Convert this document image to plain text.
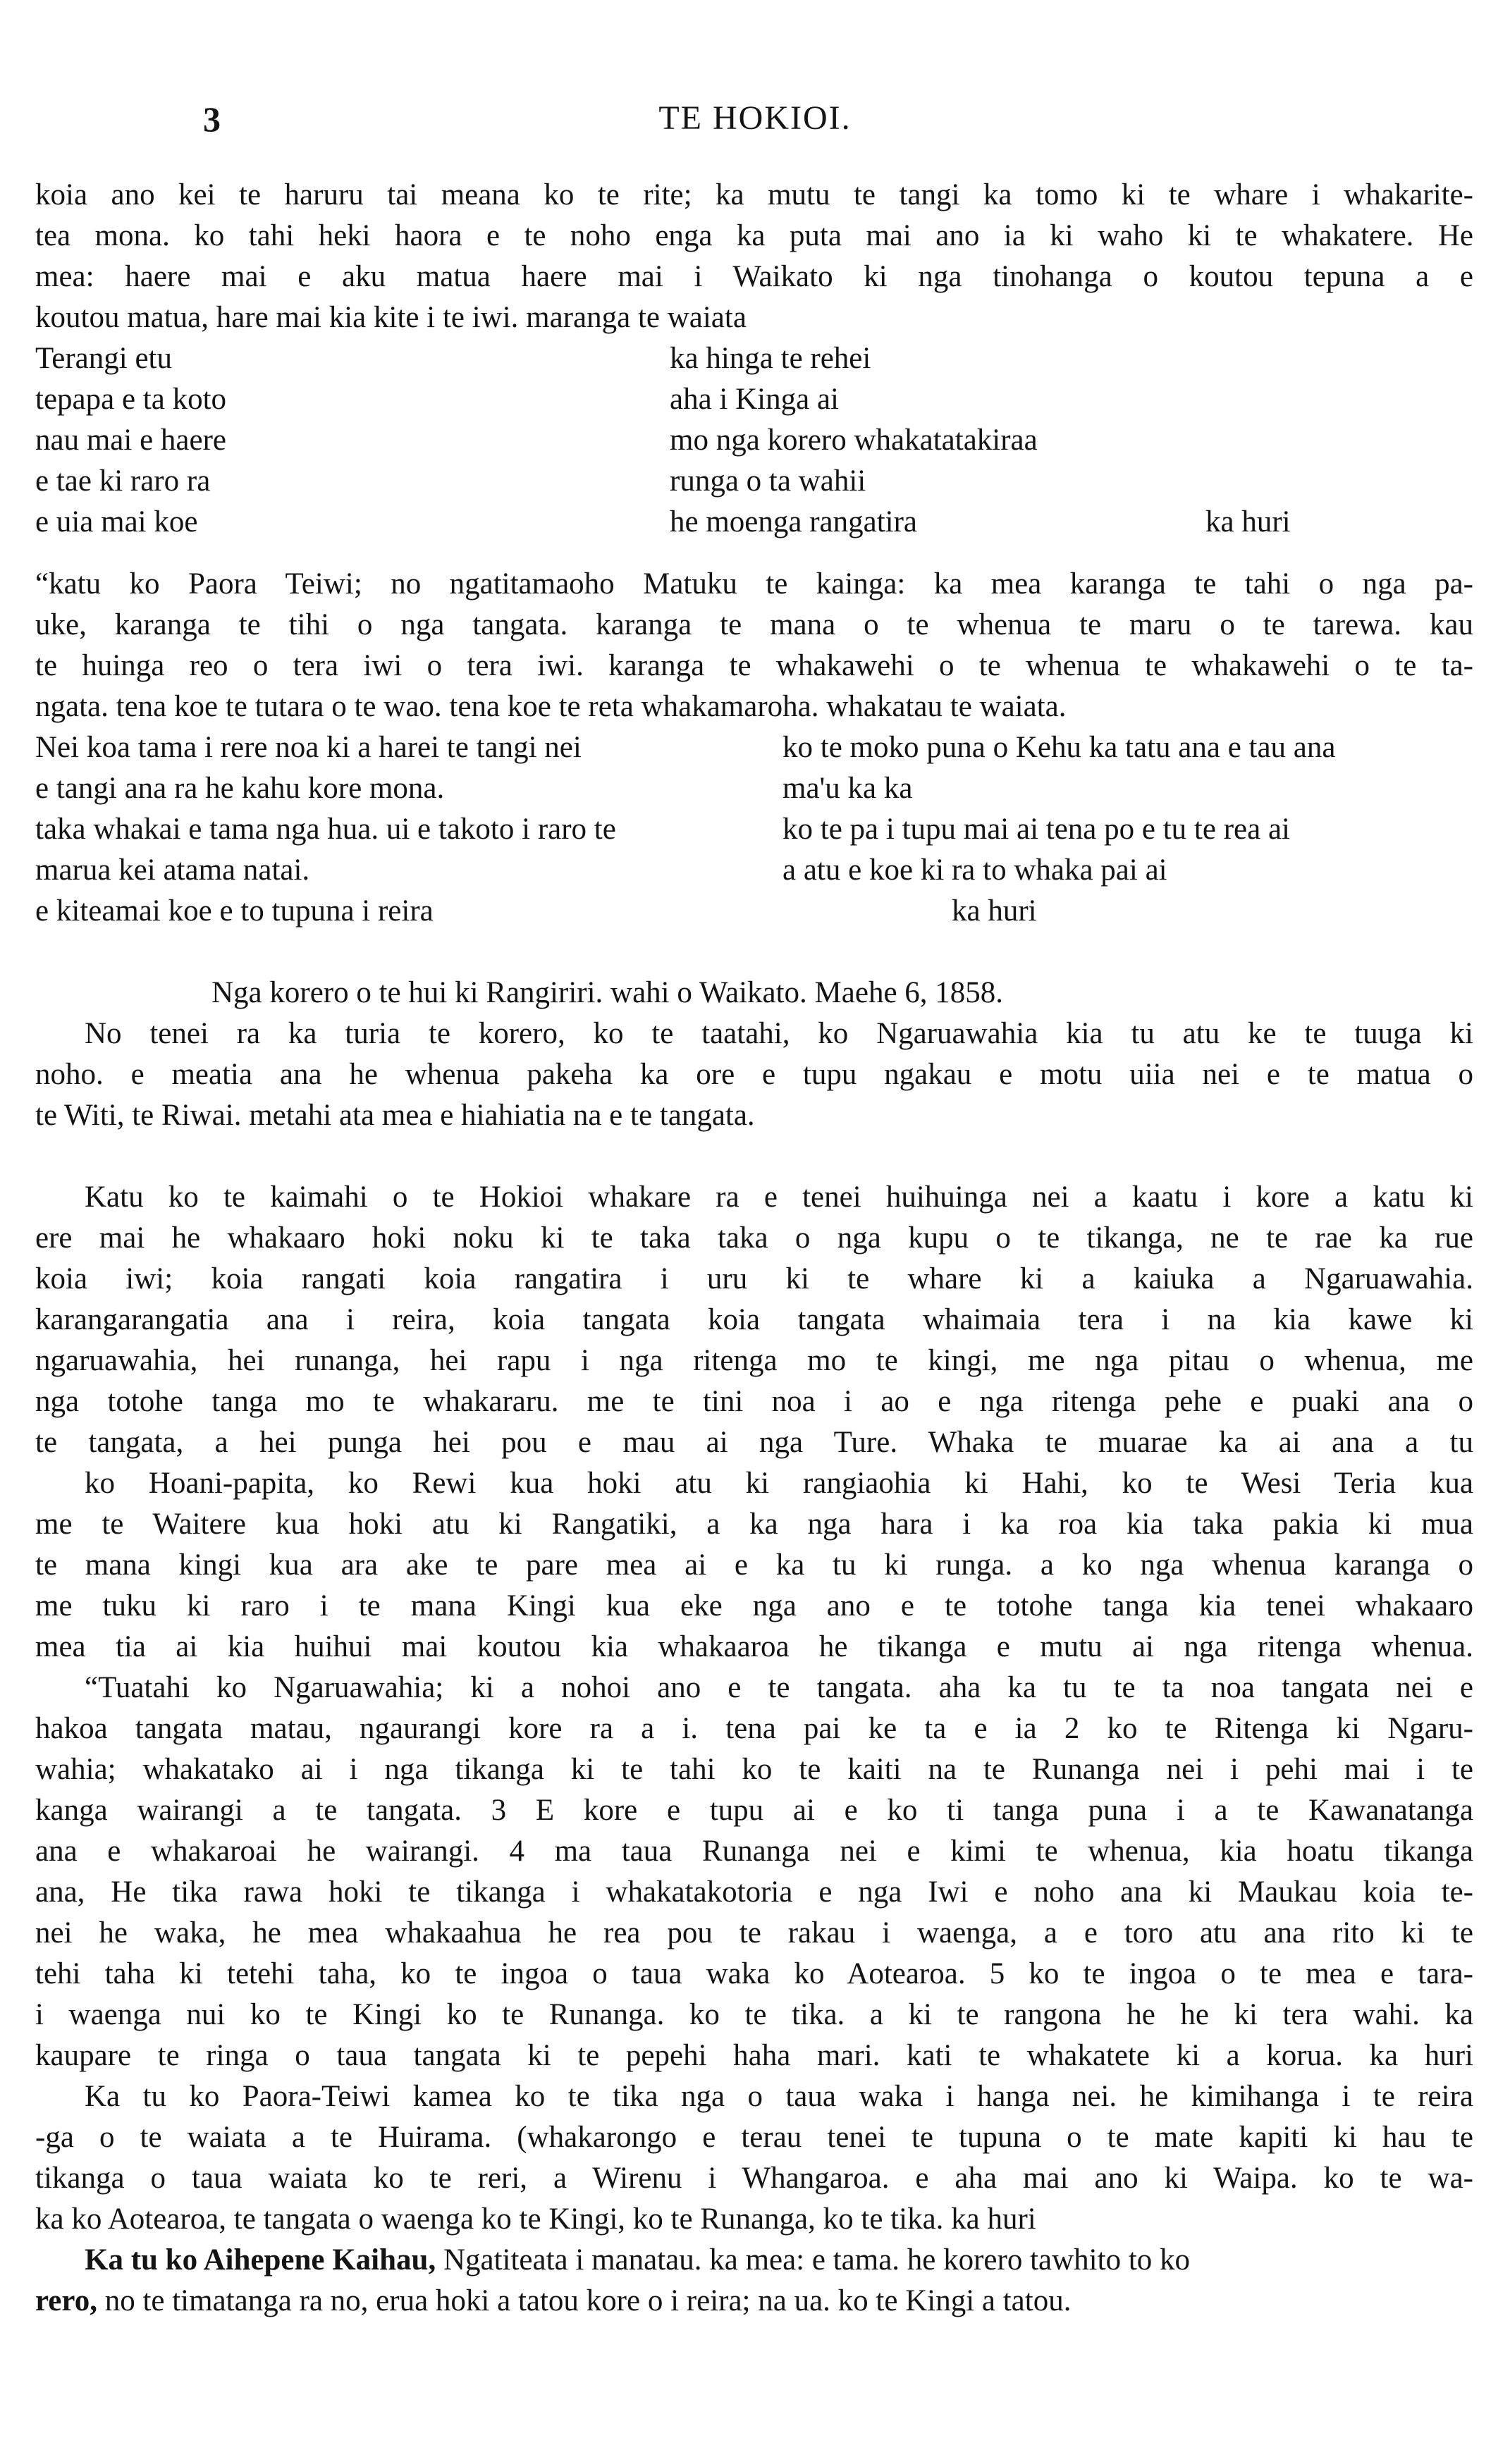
3	TE HOKIOI.
koia ano kei te haruru tai meana ko te rite; ka mutu te tangi ka tomo ki te whare i whakarite-
tea mona. ko tahi heki haora e te noho enga ka puta mai ano ia ki waho ki te whakatere. He
mea: haere mai e aku matua haere mai i Waikato ki nga tinohanga o koutou tepuna a e
koutou matua, hare mai kia kite i te iwi. maranga te waiata
Terangi etu	ka hinga te rehei
tepapa e ta koto	aha i Kinga ai
nau mai e haere	mo nga korero whakatatakiraa
e tae ki raro ra	runga o ta wahii
e uia mai koe	he moenga rangatira	ka huri
“katu ko Paora Teiwi; no ngatitamaoho Matuku te kainga: ka mea karanga te tahi o nga pa-
uke, karanga te tihi o nga tangata. karanga te mana o te whenua te maru o te tarewa. kau
te huinga reo o tera iwi o tera iwi. karanga te whakawehi o te whenua te whakawehi o te ta-
ngata. tena koe te tutara o te wao. tena koe te reta whakamaroha. whakatau te waiata.
Nei koa tama i rere noa ki a harei te tangi nei	ko te moko puna o Kehu ka tatu ana e tau ana
e tangi ana ra he kahu kore mona.	ma'u ka ka
taka whakai e tama nga hua. ui e takoto i raro te	ko te pa i tupu mai ai tena po e tu te rea ai
marua kei atama natai.	a atu e koe ki ra to whaka pai ai
e kiteamai koe e to tupuna i reira	ka huri
Nga korero o te hui ki Rangiriri. wahi o Waikato. Maehe 6, 1858.
No tenei ra ka turia te korero, ko te taatahi, ko Ngaruawahia kia tu atu ke te tuuga ki
noho. e meatia ana he whenua pakeha ka ore e tupu ngakau e motu uiia nei e te matua o
te Witi, te Riwai. metahi ata mea e hiahiatia na e te tangata.
Katu ko te kaimahi o te Hokioi whakare ra e tenei huihuinga nei a kaatu i kore a katu ki
ere mai he whakaaro hoki noku ki te taka taka o nga kupu o te tikanga, ne te rae ka rue
koia iwi; koia rangati koia rangatira i uru ki te whare ki a kaiuka a Ngaruawahia.
karangarangatia ana i reira, koia tangata koia tangata whaimaia tera i na kia kawe ki
ngaruawahia, hei runanga, hei rapu i nga ritenga mo te kingi, me nga pitau o whenua, me
nga totohe tanga mo te whakararu. me te tini noa i ao e nga ritenga pehe e puaki ana o
te tangata, a hei punga hei pou e mau ai nga Ture. Whaka te muarae ka ai ana a tu
ko Hoani-papita, ko Rewi kua hoki atu ki rangiaohia ki Hahi, ko te Wesi Teria kua
me te Waitere kua hoki atu ki Rangatiki, a ka nga hara i ka roa kia taka pakia ki mua
te mana kingi kua ara ake te pare mea ai e ka tu ki runga. a ko nga whenua karanga o
me tuku ki raro i te mana Kingi kua eke nga ano e te totohe tanga kia tenei whakaaro
mea tia ai kia huihui mai koutou kia whakaaroa he tikanga e mutu ai nga ritenga whenua.
“Tuatahi ko Ngaruawahia; ki a nohoi ano e te tangata. aha ka tu te ta noa tangata nei e
hakoa tangata matau, ngaurangi kore ra a i. tena pai ke ta e ia 2 ko te Ritenga ki Ngaru-
wahia; whakatako ai i nga tikanga ki te tahi ko te kaiti na te Runanga nei i pehi mai i te
kanga wairangi a te tangata. 3 E kore e tupu ai e ko ti tanga puna i a te Kawanatanga
ana e whakaroai he wairangi. 4 ma taua Runanga nei e kimi te whenua, kia hoatu tikanga
ana, He tika rawa hoki te tikanga i whakatakotoria e nga Iwi e noho ana ki Maukau koia te-
nei he waka, he mea whakaahua he rea pou te rakau i waenga, a e toro atu ana rito ki te
tehi taha ki tetehi taha, ko te ingoa o taua waka ko Aotearoa. 5 ko te ingoa o te mea e tara-
i waenga nui ko te Kingi ko te Runanga. ko te tika. a ki te rangona he he ki tera wahi. ka
kaupare te ringa o taua tangata ki te pepehi haha mari. kati te whakatete ki a korua. ka huri
Ka tu ko Paora-Teiwi kamea ko te tika nga o taua waka i hanga nei. he kimihanga i te reira
-ga o te waiata a te Huirama. (whakarongo e terau tenei te tupuna o te mate kapiti ki hau te
tikanga o taua waiata ko te reri, a Wirenu i Whangaroa. e aha mai ano ki Waipa. ko te wa-
ka ko Aotearoa, te tangata o waenga ko te Kingi, ko te Runanga, ko te tika. ka huri
Ka tu ko Aihepene Kaihau, Ngatiteata i manatau. ka mea: e tama. he korero tawhito to ko
rero, no te timatanga ra no, erua hoki a tatou kore o i reira; na ua. ko te Kingi a tatou.
